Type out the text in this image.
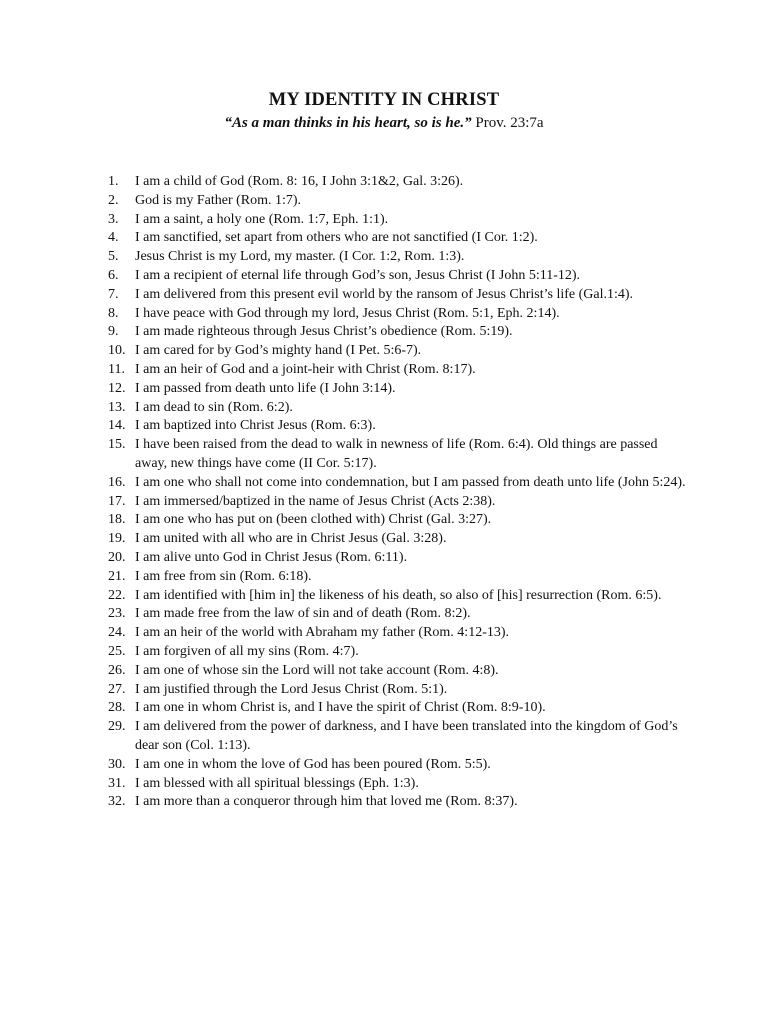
MY IDENTITY IN CHRIST
“As a man thinks in his heart, so is he.” Prov. 23:7a
1.	I am a child of God (Rom. 8: 16, I John 3:1&2, Gal. 3:26).
2.	God is my Father (Rom. 1:7).
3.	I am a saint, a holy one (Rom. 1:7, Eph. 1:1).
4.	I am sanctified, set apart from others who are not sanctified (I Cor. 1:2).
5.	Jesus Christ is my Lord, my master. (I Cor. 1:2, Rom. 1:3).
6.	I am a recipient of eternal life through God’s son, Jesus Christ (I John 5:11-12).
7.	I am delivered from this present evil world by the ransom of Jesus Christ’s life (Gal.1:4).
8.	I have peace with God through my lord, Jesus Christ (Rom. 5:1, Eph. 2:14).
9.	I am made righteous through Jesus Christ’s obedience (Rom. 5:19).
10. I am cared for by God’s mighty hand (I Pet. 5:6-7).
11. I am an heir of God and a joint-heir with Christ (Rom. 8:17).
12. I am passed from death unto life (I John 3:14).
13. I am dead to sin (Rom. 6:2).
14. I am baptized into Christ Jesus (Rom. 6:3).
15. I have been raised from the dead to walk in newness of life (Rom. 6:4). Old things are passed away, new things have come (II Cor. 5:17).
16. I am one who shall not come into condemnation, but I am passed from death unto life (John 5:24).
17. I am immersed/baptized in the name of Jesus Christ (Acts 2:38).
18. I am one who has put on (been clothed with) Christ (Gal. 3:27).
19. I am united with all who are in Christ Jesus (Gal. 3:28).
20. I am alive unto God in Christ Jesus (Rom. 6:11).
21. I am free from sin (Rom. 6:18).
22. I am identified with [him in] the likeness of his death, so also of [his] resurrection (Rom. 6:5).
23. I am made free from the law of sin and of death (Rom. 8:2).
24. I am an heir of the world with Abraham my father (Rom. 4:12-13).
25. I am forgiven of all my sins (Rom. 4:7).
26. I am one of whose sin the Lord will not take account (Rom. 4:8).
27. I am justified through the Lord Jesus Christ (Rom. 5:1).
28. I am one in whom Christ is, and I have the spirit of Christ (Rom. 8:9-10).
29. I am delivered from the power of darkness, and I have been translated into the kingdom of God’s dear son (Col. 1:13).
30. I am one in whom the love of God has been poured (Rom. 5:5).
31. I am blessed with all spiritual blessings (Eph. 1:3).
32. I am more than a conqueror through him that loved me (Rom. 8:37).
